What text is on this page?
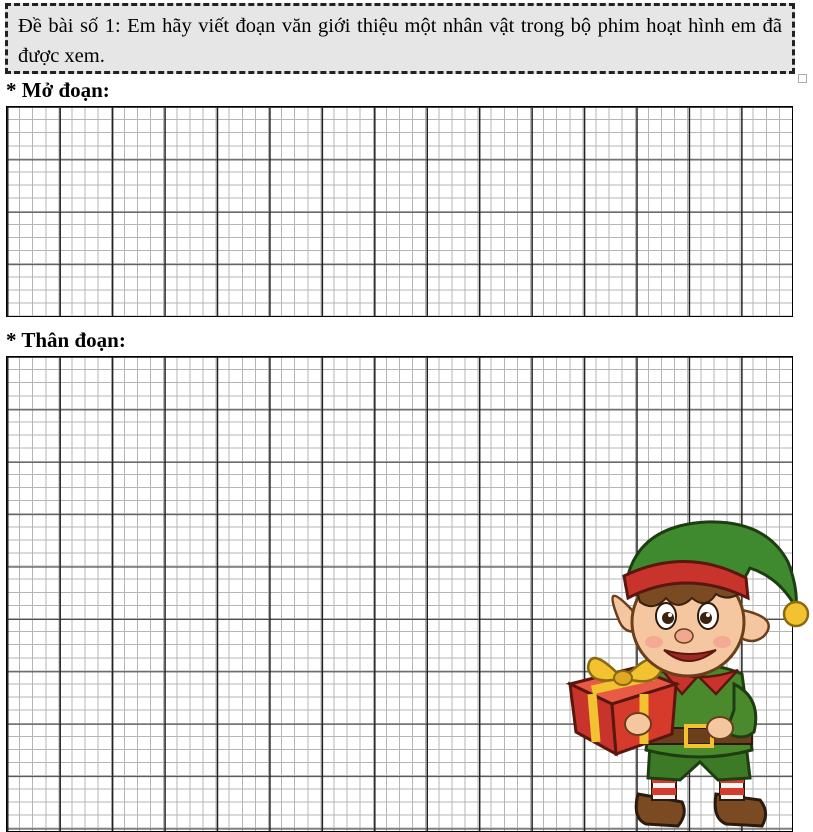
Đề bài số 1: Em hãy viết đoạn văn giới thiệu một nhân vật trong bộ phim hoạt hình em đã được xem.
* Mở đoạn:
* Thân đoạn:
